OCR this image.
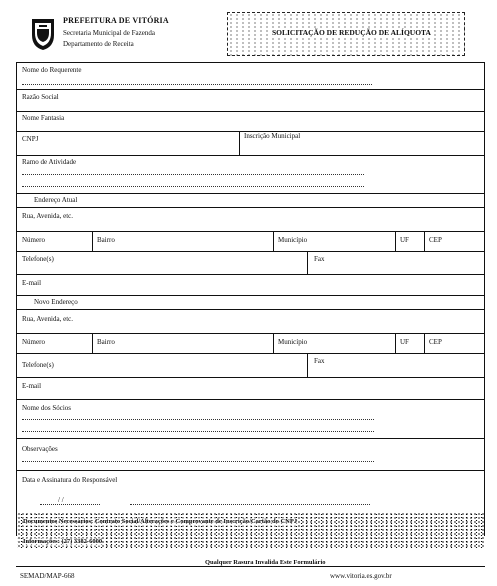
PREFEITURA DE VITÓRIA
Secretaria Municipal de Fazenda
Departamento de Receita
SOLICITAÇÃO DE REDUÇÃO DE ALÍQUOTA
Nome do Requerente
Razão Social
Nome Fantasia
CNPJ	Inscrição Municipal
Ramo de Atividade
Endereço Atual
Rua, Avenida, etc.
Número	Bairro	Município	UF	CEP
Telefone(s)	Fax
E-mail
Novo Endereço
Rua, Avenida, etc.
Número	Bairro	Município	UF	CEP
Telefone(s)	Fax
E-mail
Nome dos Sócios
Observações
Data e Assinatura do Responsável
/ /
Documentos Necessários: Contrato Social/Alterações e Comprovante de Inscrição/Cartão do CNPJ
Informações: (27) 3382-6000
Qualquer Rasura Invalida Este Formulário
SEMAD/MAP-668	www.vitoria.es.gov.br
